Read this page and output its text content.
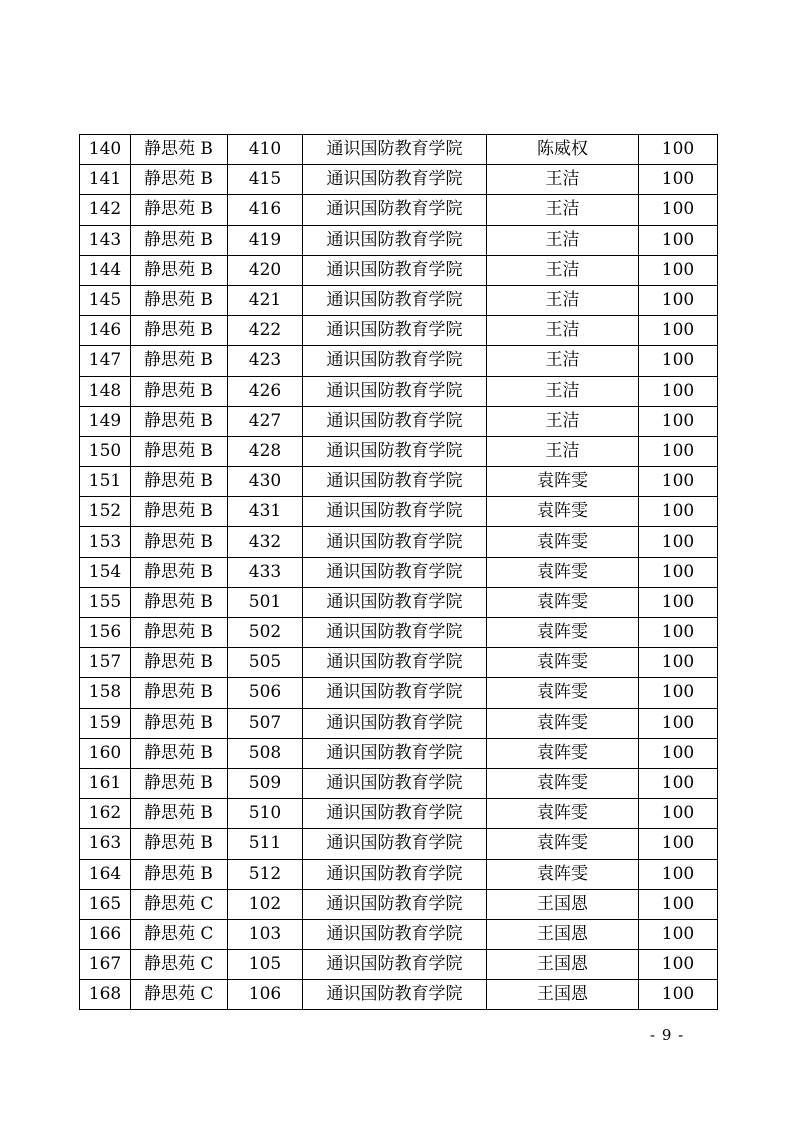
140	静思苑 B	410	通识国防教育学院	陈威权	100
141	静思苑 B	415	通识国防教育学院	王洁	100
142	静思苑 B	416	通识国防教育学院	王洁	100
143	静思苑 B	419	通识国防教育学院	王洁	100
144	静思苑 B	420	通识国防教育学院	王洁	100
145	静思苑 B	421	通识国防教育学院	王洁	100
146	静思苑 B	422	通识国防教育学院	王洁	100
147	静思苑 B	423	通识国防教育学院	王洁	100
148	静思苑 B	426	通识国防教育学院	王洁	100
149	静思苑 B	427	通识国防教育学院	王洁	100
150	静思苑 B	428	通识国防教育学院	王洁	100
151	静思苑 B	430	通识国防教育学院	袁阵雯	100
152	静思苑 B	431	通识国防教育学院	袁阵雯	100
153	静思苑 B	432	通识国防教育学院	袁阵雯	100
154	静思苑 B	433	通识国防教育学院	袁阵雯	100
155	静思苑 B	501	通识国防教育学院	袁阵雯	100
156	静思苑 B	502	通识国防教育学院	袁阵雯	100
157	静思苑 B	505	通识国防教育学院	袁阵雯	100
158	静思苑 B	506	通识国防教育学院	袁阵雯	100
159	静思苑 B	507	通识国防教育学院	袁阵雯	100
160	静思苑 B	508	通识国防教育学院	袁阵雯	100
161	静思苑 B	509	通识国防教育学院	袁阵雯	100
162	静思苑 B	510	通识国防教育学院	袁阵雯	100
163	静思苑 B	511	通识国防教育学院	袁阵雯	100
164	静思苑 B	512	通识国防教育学院	袁阵雯	100
165	静思苑 C	102	通识国防教育学院	王国恩	100
166	静思苑 C	103	通识国防教育学院	王国恩	100
167	静思苑 C	105	通识国防教育学院	王国恩	100
168	静思苑 C	106	通识国防教育学院	王国恩	100
- 9 -
